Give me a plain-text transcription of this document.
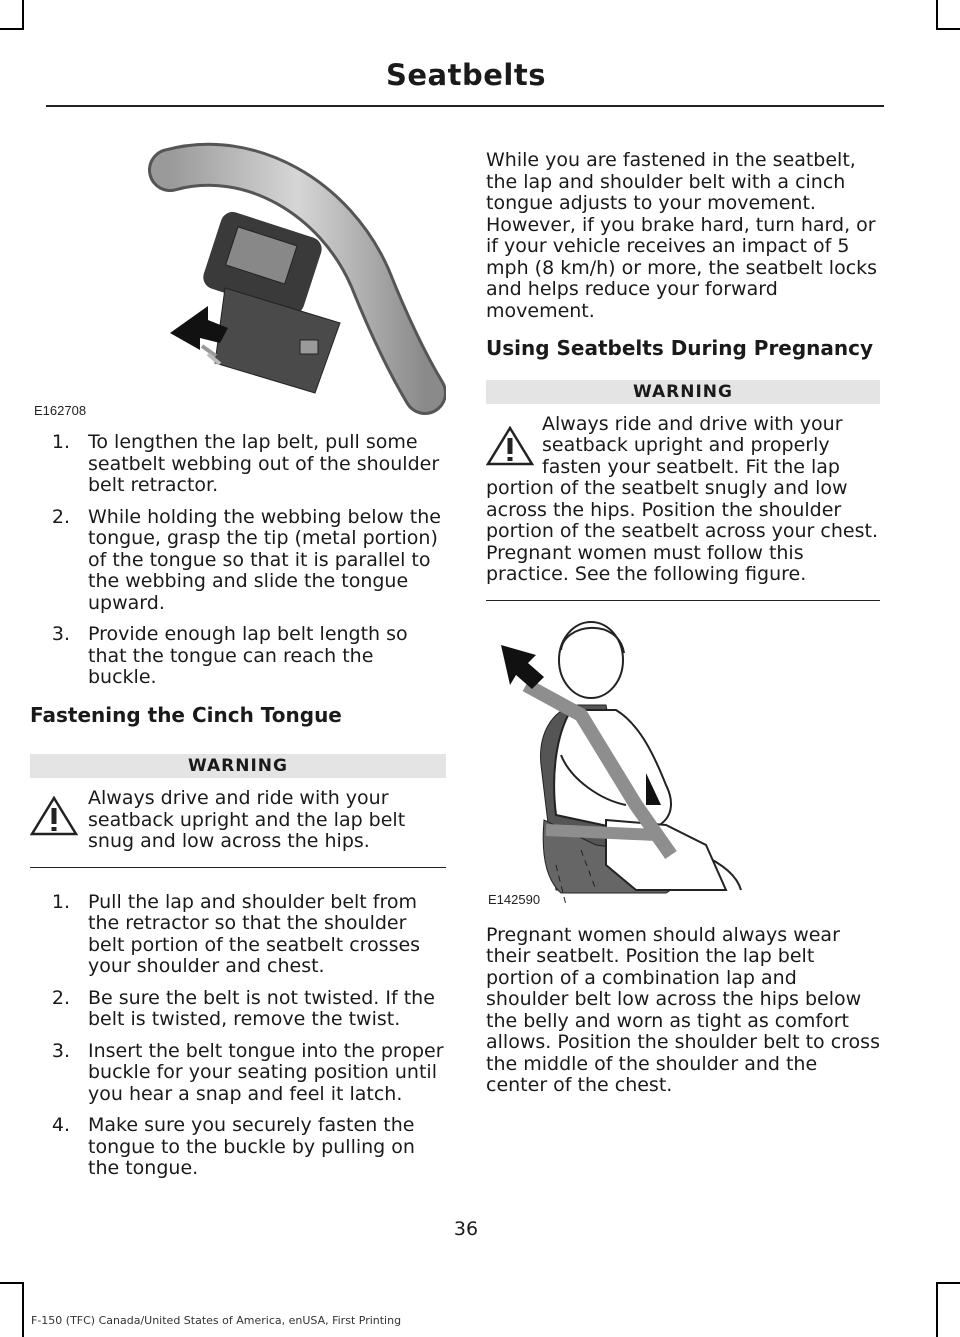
Seatbelts
E162708
1. To lengthen the lap belt, pull some seatbelt webbing out of the shoulder belt retractor.
2. While holding the webbing below the tongue, grasp the tip (metal portion) of the tongue so that it is parallel to the webbing and slide the tongue upward.
3. Provide enough lap belt length so that the tongue can reach the buckle.
Fastening the Cinch Tongue
WARNING
Always drive and ride with your seatback upright and the lap belt snug and low across the hips.
1. Pull the lap and shoulder belt from the retractor so that the shoulder belt portion of the seatbelt crosses your shoulder and chest.
2. Be sure the belt is not twisted. If the belt is twisted, remove the twist.
3. Insert the belt tongue into the proper buckle for your seating position until you hear a snap and feel it latch.
4. Make sure you securely fasten the tongue to the buckle by pulling on the tongue.

While you are fastened in the seatbelt, the lap and shoulder belt with a cinch tongue adjusts to your movement. However, if you brake hard, turn hard, or if your vehicle receives an impact of 5 mph (8 km/h) or more, the seatbelt locks and helps reduce your forward movement.

Using Seatbelts During Pregnancy
WARNING
Always ride and drive with your seatback upright and properly fasten your seatbelt. Fit the lap portion of the seatbelt snugly and low across the hips. Position the shoulder portion of the seatbelt across your chest. Pregnant women must follow this practice. See the following figure.
E142590

Pregnant women should always wear their seatbelt. Position the lap belt portion of a combination lap and shoulder belt low across the hips below the belly and worn as tight as comfort allows. Position the shoulder belt to cross the middle of the shoulder and the center of the chest.

36
F-150 (TFC) Canada/United States of America, enUSA, First Printing
